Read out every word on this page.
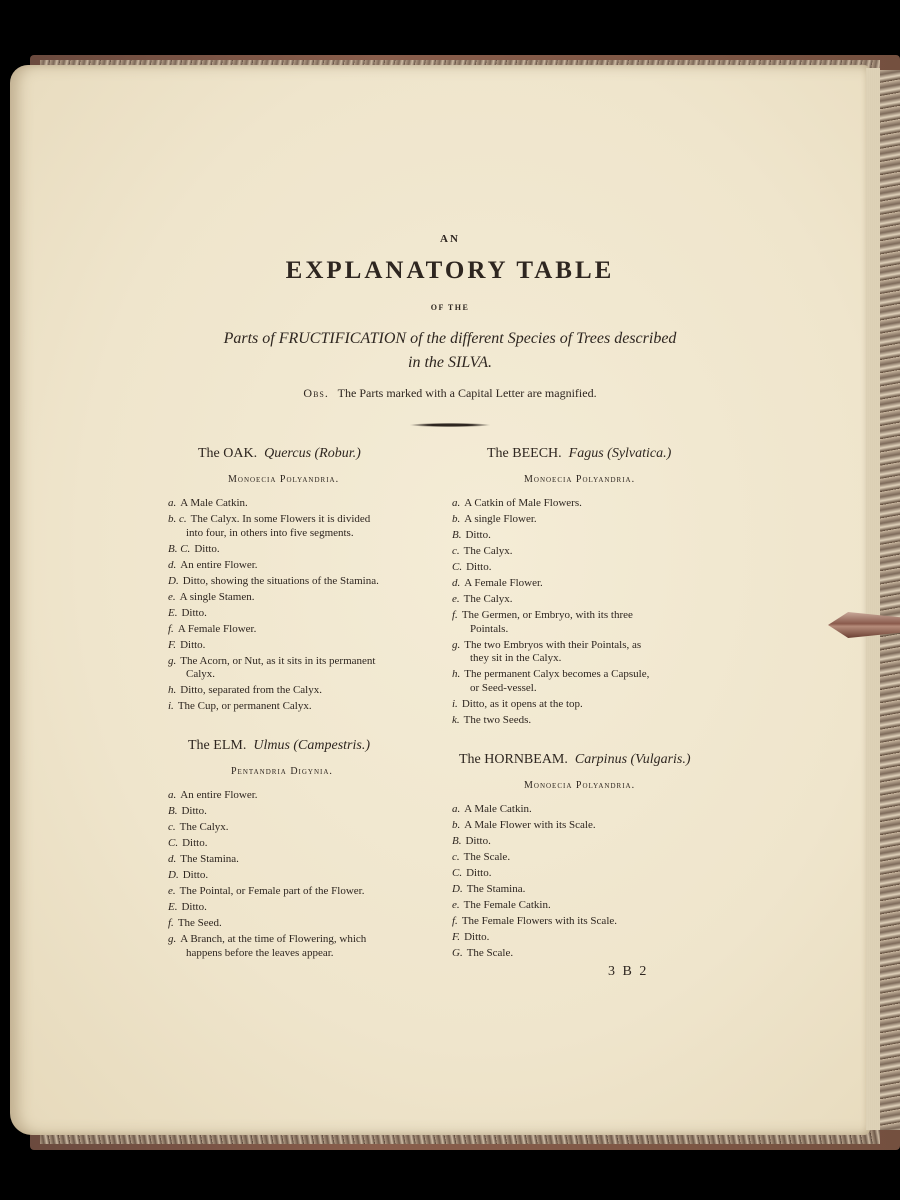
AN
EXPLANATORY TABLE
OF THE
Parts of FRUCTIFICATION of the different Species of Trees described
in the SILVA.
Obs. The Parts marked with a Capital Letter are magnified.
The OAK. Quercus (Robur.)
Monoecia Polyandria.
a. A Male Catkin.
b. c. The Calyx. In some Flowers it is divided
into four, in others into five segments.
B. C. Ditto.
d. An entire Flower.
D. Ditto, showing the situations of the Stamina.
e. A single Stamen.
E. Ditto.
f. A Female Flower.
F. Ditto.
g. The Acorn, or Nut, as it sits in its permanent
Calyx.
h. Ditto, separated from the Calyx.
i. The Cup, or permanent Calyx.
The ELM. Ulmus (Campestris.)
Pentandria Digynia.
a. An entire Flower.
B. Ditto.
c. The Calyx.
C. Ditto.
d. The Stamina.
D. Ditto.
e. The Pointal, or Female part of the Flower.
E. Ditto.
f. The Seed.
g. A Branch, at the time of Flowering, which
happens before the leaves appear.
The BEECH. Fagus (Sylvatica.)
Monoecia Polyandria.
a. A Catkin of Male Flowers.
b. A single Flower.
B. Ditto.
c. The Calyx.
C. Ditto.
d. A Female Flower.
e. The Calyx.
f. The Germen, or Embryo, with its three
Pointals.
g. The two Embryos with their Pointals, as
they sit in the Calyx.
h. The permanent Calyx becomes a Capsule,
or Seed-vessel.
i. Ditto, as it opens at the top.
k. The two Seeds.
The HORNBEAM. Carpinus (Vulgaris.)
Monoecia Polyandria.
a. A Male Catkin.
b. A Male Flower with its Scale.
B. Ditto.
c. The Scale.
C. Ditto.
D. The Stamina.
e. The Female Catkin.
f. The Female Flowers with its Scale.
F. Ditto.
G. The Scale.
3 B 2
